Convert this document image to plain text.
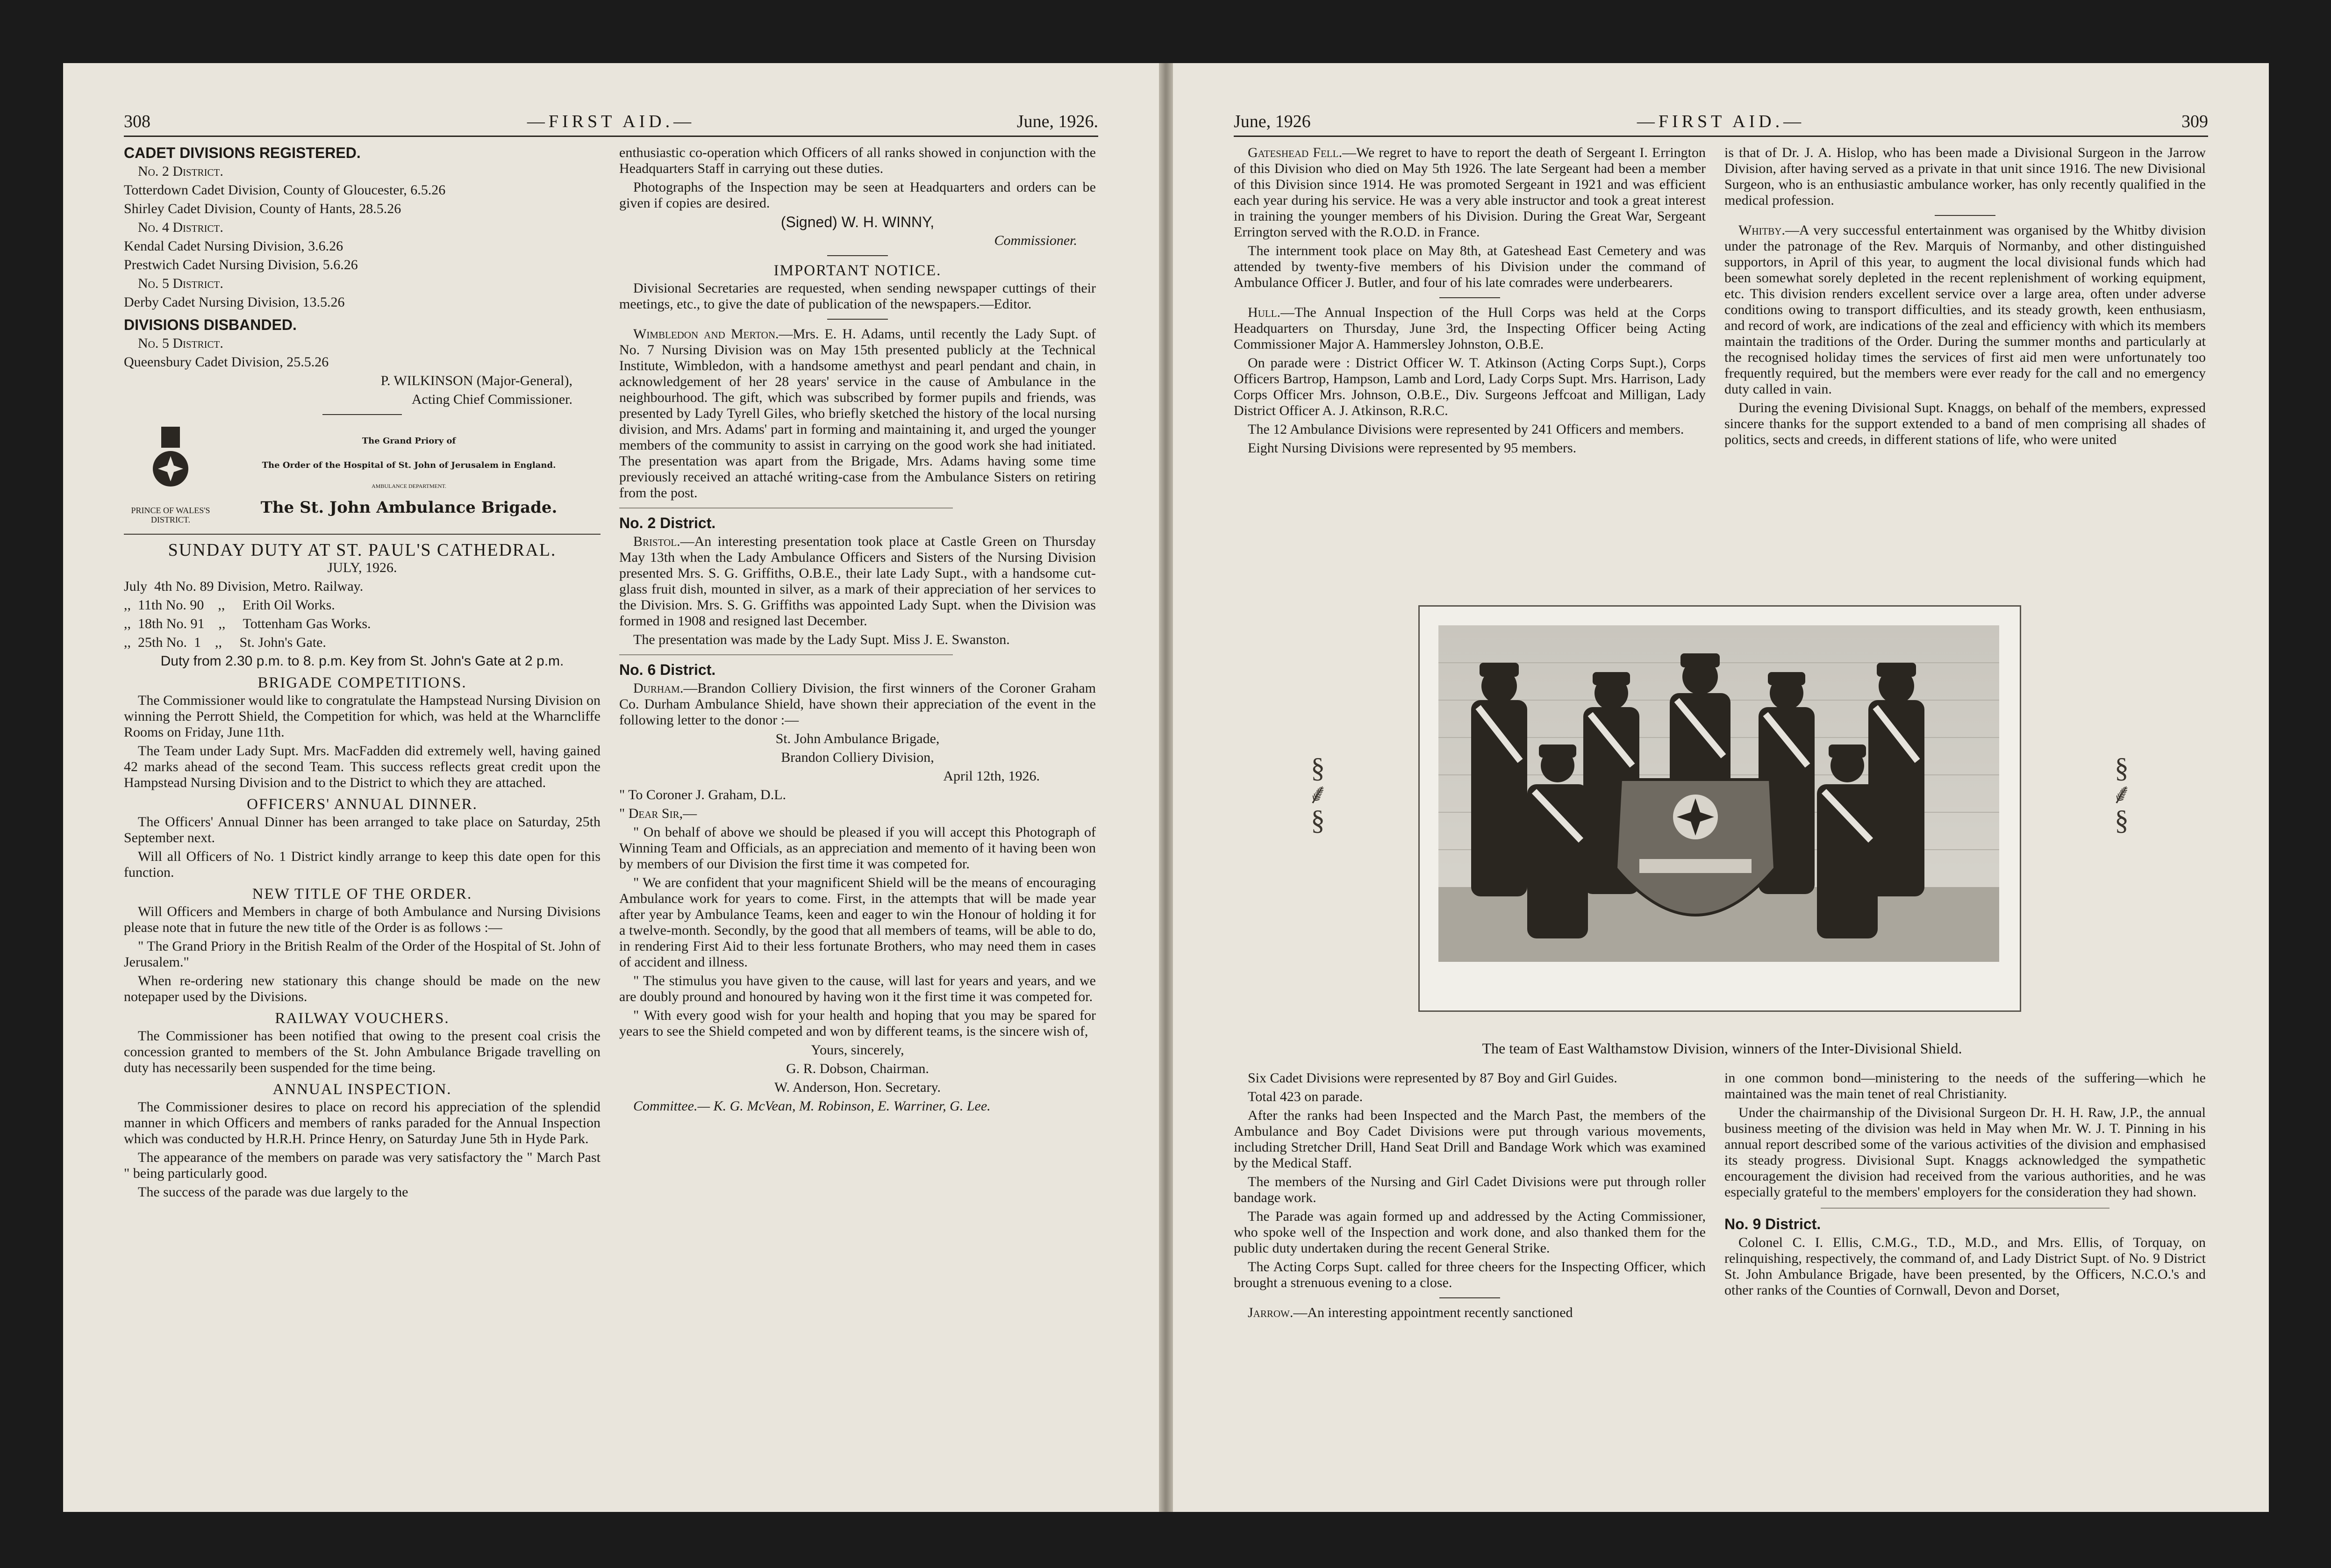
308	—FIRST AID.—	June, 1926.
CADET DIVISIONS REGISTERED.

No. 2 District.

Totterdown Cadet Division, County of Gloucester, 6.5.26

Shirley Cadet Division, County of Hants, 28.5.26

No. 4 District.

Kendal Cadet Nursing Division, 3.6.26

Prestwich Cadet Nursing Division, 5.6.26

No. 5 District.

Derby Cadet Nursing Division, 13.5.26

DIVISIONS DISBANDED.

No. 5 District.

Queensbury Cadet Division, 25.5.26

P. WILKINSON (Major-General),

Acting Chief Commissioner.

PRINCE OF WALES'S
DISTRICT.
The Grand Priory of
The Order of the Hospital of St. John of Jerusalem in England.
AMBULANCE DEPARTMENT.
The St. John Ambulance Brigade.
SUNDAY DUTY AT ST. PAUL'S CATHEDRAL.

JULY, 1926.

July  4th No. 89 Division, Metro. Railway.

,,  11th No. 90    ,,     Erith Oil Works.

,,  18th No. 91    ,,     Tottenham Gas Works.

,,  25th No.  1    ,,     St. John's Gate.

Duty from 2.30 p.m. to 8. p.m. Key from St. John's Gate at 2 p.m.

BRIGADE COMPETITIONS.

The Commissioner would like to congratulate the Hampstead Nursing Division on winning the Perrott Shield, the Competition for which, was held at the Wharncliffe Rooms on Friday, June 11th.

The Team under Lady Supt. Mrs. MacFadden did extremely well, having gained 42 marks ahead of the second Team. This success reflects great credit upon the Hampstead Nursing Division and to the District to which they are attached.

OFFICERS' ANNUAL DINNER.

The Officers' Annual Dinner has been arranged to take place on Saturday, 25th September next.

Will all Officers of No. 1 District kindly arrange to keep this date open for this function.

NEW TITLE OF THE ORDER.

Will Officers and Members in charge of both Ambulance and Nursing Divisions please note that in future the new title of the Order is as follows :—

" The Grand Priory in the British Realm of the Order of the Hospital of St. John of Jerusalem."

When re-ordering new stationary this change should be made on the new notepaper used by the Divisions.

RAILWAY VOUCHERS.

The Commissioner has been notified that owing to the present coal crisis the concession granted to members of the St. John Ambulance Brigade travelling on duty has necessarily been suspended for the time being.

ANNUAL INSPECTION.

The Commissioner desires to place on record his appreciation of the splendid manner in which Officers and members of ranks paraded for the Annual Inspection which was conducted by H.R.H. Prince Henry, on Saturday June 5th in Hyde Park.

The appearance of the members on parade was very satisfactory the " March Past " being particularly good.

The success of the parade was due largely to the

enthusiastic co-operation which Officers of all ranks showed in conjunction with the Headquarters Staff in carrying out these duties.

Photographs of the Inspection may be seen at Headquarters and orders can be given if copies are desired.

(Signed) W. H. WINNY,

Commissioner.

IMPORTANT NOTICE.

Divisional Secretaries are requested, when sending newspaper cuttings of their meetings, etc., to give the date of publication of the newspapers.—Editor.

Wimbledon and Merton.—Mrs. E. H. Adams, until recently the Lady Supt. of No. 7 Nursing Division was on May 15th presented publicly at the Technical Institute, Wimbledon, with a handsome amethyst and pearl pendant and chain, in acknowledgement of her 28 years' service in the cause of Ambulance in the neighbourhood. The gift, which was subscribed by former pupils and friends, was presented by Lady Tyrell Giles, who briefly sketched the history of the local nursing division, and Mrs. Adams' part in forming and maintaining it, and urged the younger members of the community to assist in carrying on the good work she had initiated. The presentation was apart from the Brigade, Mrs. Adams having some time previously received an attaché writing-case from the Ambulance Sisters on retiring from the post.

No. 2 District.

Bristol.—An interesting presentation took place at Castle Green on Thursday May 13th when the Lady Ambulance Officers and Sisters of the Nursing Division presented Mrs. S. G. Griffiths, O.B.E., their late Lady Supt., with a handsome cut-glass fruit dish, mounted in silver, as a mark of their appreciation of her services to the Division. Mrs. S. G. Griffiths was appointed Lady Supt. when the Division was formed in 1908 and resigned last December.

The presentation was made by the Lady Supt. Miss J. E. Swanston.

No. 6 District.

Durham.—Brandon Colliery Division, the first winners of the Coroner Graham Co. Durham Ambulance Shield, have shown their appreciation of the event in the following letter to the donor :—

St. John Ambulance Brigade,

Brandon Colliery Division,

April 12th, 1926.

" To Coroner J. Graham, D.L.

" Dear Sir,—

" On behalf of above we should be pleased if you will accept this Photograph of Winning Team and Officials, as an appreciation and memento of it having been won by members of our Division the first time it was competed for.

" We are confident that your magnificent Shield will be the means of encouraging Ambulance work for years to come. First, in the attempts that will be made year after year by Ambulance Teams, keen and eager to win the Honour of holding it for a twelve-month. Secondly, by the good that all members of teams, will be able to do, in rendering First Aid to their less fortunate Brothers, who may need them in cases of accident and illness.

" The stimulus you have given to the cause, will last for years and years, and we are doubly pround and honoured by having won it the first time it was competed for.

" With every good wish for your health and hoping that you may be spared for years to see the Shield competed and won by different teams, is the sincere wish of,

Yours, sincerely,

G. R. Dobson, Chairman.

W. Anderson, Hon. Secretary.

Committee.— K. G. McVean, M. Robinson, E. Warriner, G. Lee.

June, 1926	—FIRST AID.—	309

Gateshead Fell.—We regret to have to report the death of Sergeant I. Errington of this Division who died on May 5th 1926. The late Sergeant had been a member of this Division since 1914. He was promoted Sergeant in 1921 and was efficient each year during his service. He was a very able instructor and took a great interest in training the younger members of his Division. During the Great War, Sergeant Errington served with the R.O.D. in France.

The internment took place on May 8th, at Gateshead East Cemetery and was attended by twenty-five members of his Division under the command of Ambulance Officer J. Butler, and four of his late comrades were underbearers.

Hull.—The Annual Inspection of the Hull Corps was held at the Corps Headquarters on Thursday, June 3rd, the Inspecting Officer being Acting Commissioner Major A. Hammersley Johnston, O.B.E.

On parade were : District Officer W. T. Atkinson (Acting Corps Supt.), Corps Officers Bartrop, Hampson, Lamb and Lord, Lady Corps Supt. Mrs. Harrison, Lady Corps Officer Mrs. Johnson, O.B.E., Div. Surgeons Jeffcoat and Milligan, Lady District Officer A. J. Atkinson, R.R.C.

The 12 Ambulance Divisions were represented by 241 Officers and members.

Eight Nursing Divisions were represented by 95 members.

is that of Dr. J. A. Hislop, who has been made a Divisional Surgeon in the Jarrow Division, after having served as a private in that unit since 1916. The new Divisional Surgeon, who is an enthusiastic ambulance worker, has only recently qualified in the medical profession.

Whitby.—A very successful entertainment was organised by the Whitby division under the patronage of the Rev. Marquis of Normanby, and other distinguished supportors, in April of this year, to augment the local divisional funds which had been somewhat sorely depleted in the recent replenishment of working equipment, etc. This division renders excellent service over a large area, often under adverse conditions owing to transport difficulties, and its steady growth, keen enthusiasm, and record of work, are indications of the zeal and efficiency with which its members maintain the traditions of the Order. During the summer months and particularly at the recognised holiday times the services of first aid men were unfortunately too frequently required, but the members were ever ready for the call and no emergency duty called in vain.

During the evening Divisional Supt. Knaggs, on behalf of the members, expressed sincere thanks for the support extended to a band of men comprising all shades of politics, sects and creeds, in different stations of life, who were united

§
⸙
§
§
⸙
§
The team of East Walthamstow Division, winners of the Inter-Divisional Shield.

Six Cadet Divisions were represented by 87 Boy and Girl Guides.

Total 423 on parade.

After the ranks had been Inspected and the March Past, the members of the Ambulance and Boy Cadet Divisions were put through various movements, including Stretcher Drill, Hand Seat Drill and Bandage Work which was examined by the Medical Staff.

The members of the Nursing and Girl Cadet Divisions were put through roller bandage work.

The Parade was again formed up and addressed by the Acting Commissioner, who spoke well of the Inspection and work done, and also thanked them for the public duty undertaken during the recent General Strike.

The Acting Corps Supt. called for three cheers for the Inspecting Officer, which brought a strenuous evening to a close.

Jarrow.—An interesting appointment recently sanctioned

in one common bond—ministering to the needs of the suffering—which he maintained was the main tenet of real Christianity.

Under the chairmanship of the Divisional Surgeon Dr. H. H. Raw, J.P., the annual business meeting of the division was held in May when Mr. W. J. T. Pinning in his annual report described some of the various activities of the division and emphasised its steady progress. Divisional Supt. Knaggs acknowledged the sympathetic encouragement the division had received from the various authorities, and he was especially grateful to the members' employers for the consideration they had shown.

No. 9 District.

Colonel C. I. Ellis, C.M.G., T.D., M.D., and Mrs. Ellis, of Torquay, on relinquishing, respectively, the command of, and Lady District Supt. of No. 9 District St. John Ambulance Brigade, have been presented, by the Officers, N.C.O.'s and other ranks of the Counties of Cornwall, Devon and Dorset,
